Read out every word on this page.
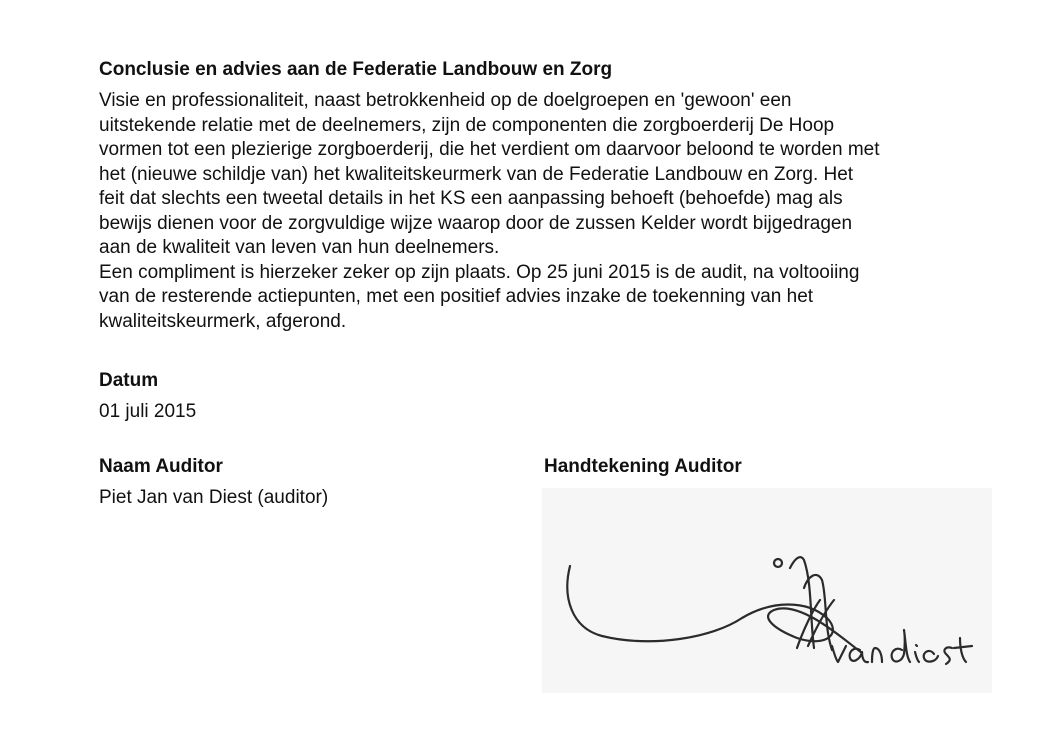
Conclusie en advies aan de Federatie Landbouw en Zorg
Visie en professionaliteit, naast betrokkenheid op de doelgroepen en 'gewoon' een
uitstekende relatie met de deelnemers, zijn de componenten die zorgboerderij De Hoop
vormen tot een plezierige zorgboerderij, die het verdient om daarvoor beloond te worden met
het (nieuwe schildje van) het kwaliteitskeurmerk van de Federatie Landbouw en Zorg. Het
feit dat slechts een tweetal details in het KS een aanpassing behoeft (behoefde) mag als
bewijs dienen voor de zorgvuldige wijze waarop door de zussen Kelder wordt bijgedragen
aan de kwaliteit van leven van hun deelnemers.
Een compliment is hierzeker zeker op zijn plaats. Op 25 juni 2015 is de audit, na voltooiing
van de resterende actiepunten, met een positief advies inzake de toekenning van het
kwaliteitskeurmerk, afgerond.
Datum
01 juli 2015
Naam Auditor
Piet Jan van Diest (auditor)
Handtekening Auditor
